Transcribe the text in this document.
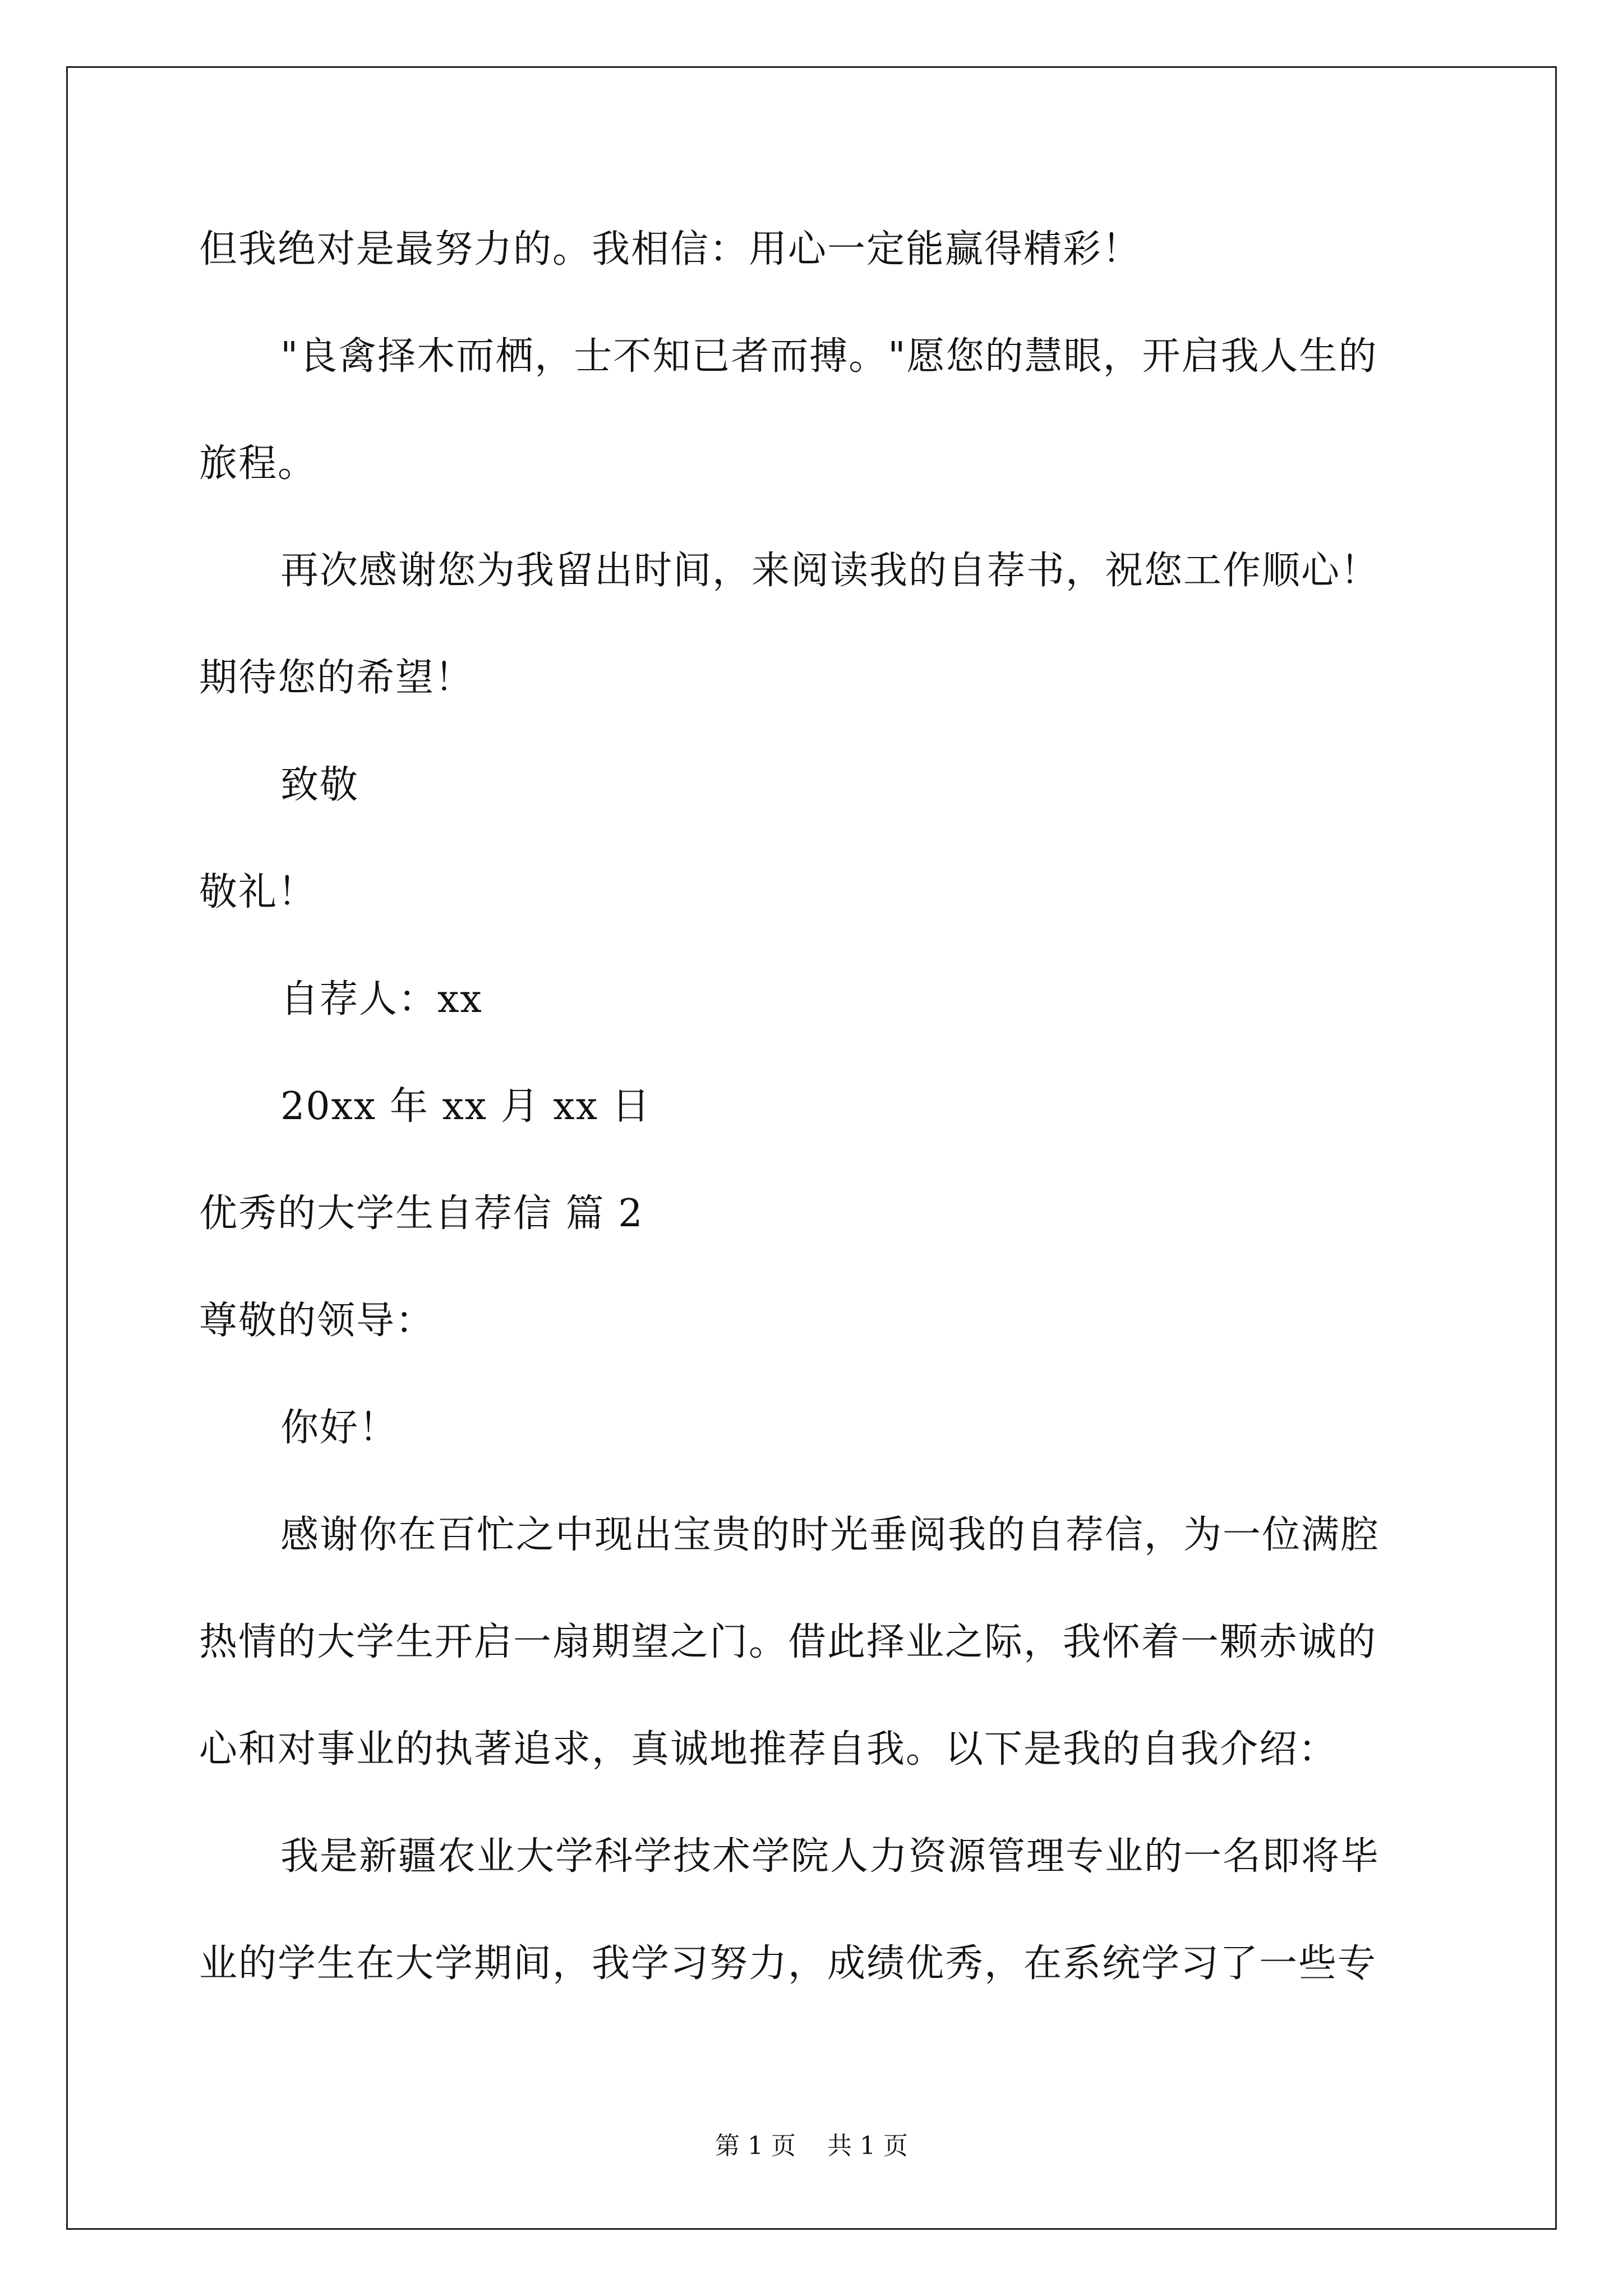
但我绝对是最努力的。我相信：用心一定能赢得精彩！
"良禽择木而栖，士不知已者而搏。"愿您的慧眼，开启我人生的
旅程。
再次感谢您为我留出时间，来阅读我的自荐书，祝您工作顺心！
期待您的希望！
致敬
敬礼！
自荐人：xx
20xx 年 xx 月 xx 日
优秀的大学生自荐信 篇 2
尊敬的领导：
你好！
感谢你在百忙之中现出宝贵的时光垂阅我的自荐信，为一位满腔
热情的大学生开启一扇期望之门。借此择业之际，我怀着一颗赤诚的
心和对事业的执著追求，真诚地推荐自我。以下是我的自我介绍：
我是新疆农业大学科学技术学院人力资源管理专业的一名即将毕
业的学生在大学期间，我学习努力，成绩优秀，在系统学习了一些专
第 1 页    共 1 页
